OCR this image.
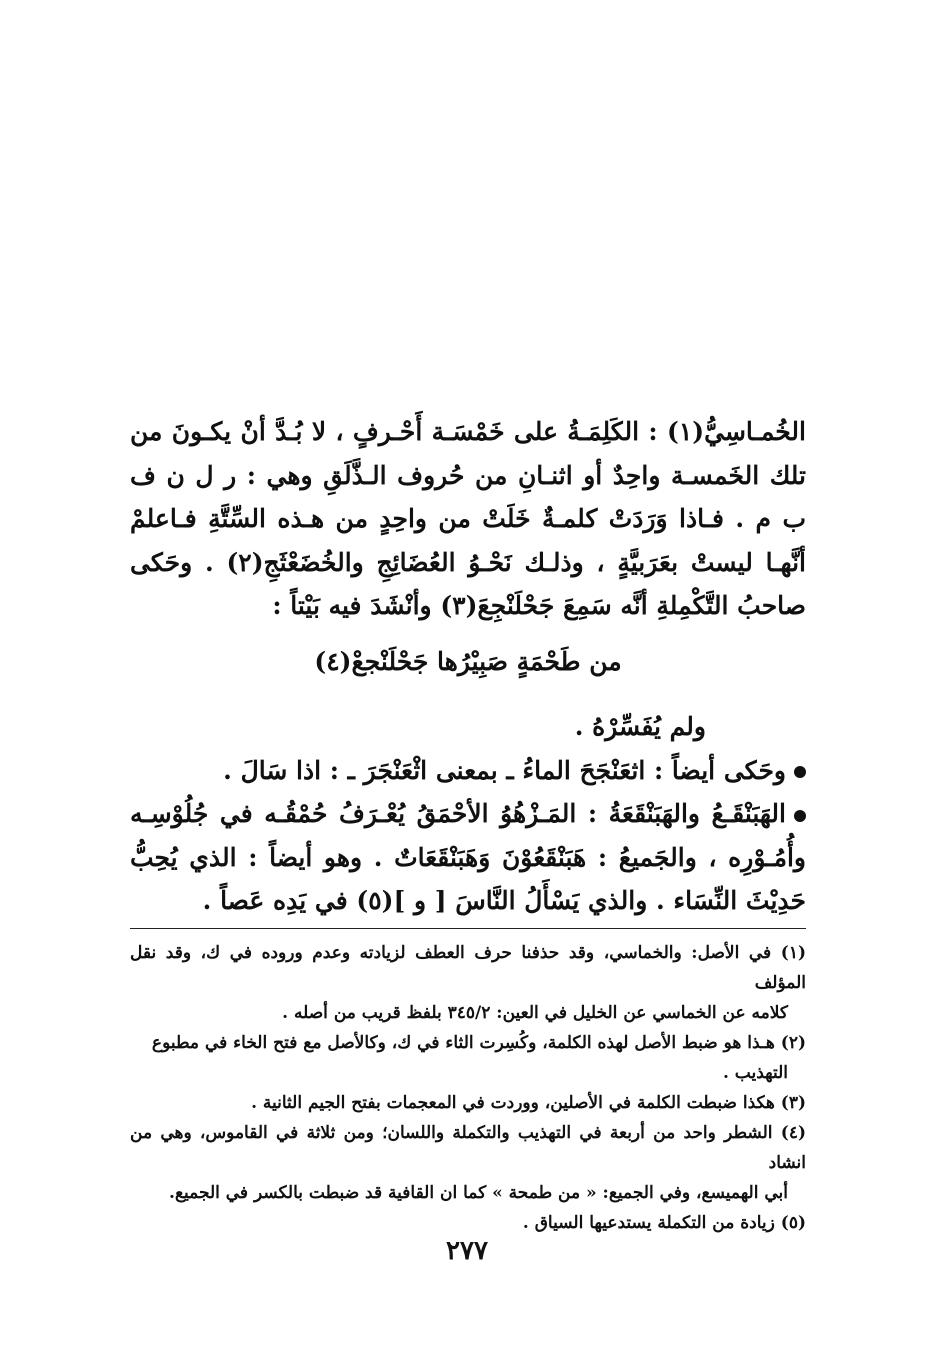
الخُمـاسِيُّ(١) : الكَلِمَـةُ على خَمْسَـة أَحْـرفٍ ، لا بُـدَّ أنْ يكـونَ من تلك الخَمسـة واحِدٌ أو اثنـانِ من حُروف الـذَّلَقِ وهي : ر ل ن ف ب م . فـاذا وَرَدَتْ كلمـةٌ خَلَتْ من واحِدٍ من هـذه السِّتَّةِ فـاعلمْ أنَّهـا ليستْ بعَرَبيَّةٍ ، وذلـك نَحْـوُ العُضَائِجِ والخُضَعْثَجِ(٢) . وحَكى صاحبُ التَّكْمِلةِ أنَّه سَمِعَ جَحْلَنْجِعَ(٣) وأنْشَدَ فيه بَيْتاً :

من طَحْمَةٍ صَبِيْرُها جَحْلَنْجعْ(٤)

ولم يُفَسِّرْهُ .

وحَكى أيضاً : اثعَنْجَحَ الماءُ ـ بمعنى اثْعَنْجَرَ ـ : اذا سَالَ .

الهَبَنْقَـعُ والهَبَنْقَعَةُ : المَـزْهُوُ الأحْمَقُ يُعْـرَفُ حُمْقُـه في جُلُوْسِـه وأُمُـوْرِه ، والجَميعُ : هَبَنْقَعُوْنَ وَهَبَنْقَعَاتٌ . وهو أيضاً : الذي يُحِبُّ حَدِيْثَ النِّسَاء . والذي يَسْأَلُ النَّاسَ [ و ](٥) في يَدِه عَصاً .

(١) في الأصل: والخماسي، وقد حذفنا حرف العطف لزيادته وعدم وروده في ك، وقد نقل المؤلف

كلامه عن الخماسي عن الخليل في العين: ٣٤٥/٢ بلفظ قريب من أصله .

(٢) هـذا هو ضبط الأصل لهذه الكلمة، وكُسِرت الثاء في ك، وكالأصل مع فتح الخاء في مطبوع

التهذيب .

(٣) هكذا ضبطت الكلمة في الأصلين، ووردت في المعجمات بفتح الجيم الثانية .

(٤) الشطر واحد من أربعة في التهذيب والتكملة واللسان؛ ومن ثلاثة في القاموس، وهي من انشاد

أبي الهميسع، وفي الجميع: « من طمحة » كما ان القافية قد ضبطت بالكسر في الجميع.

(٥) زيادة من التكملة يستدعيها السياق .

٢٧٧
